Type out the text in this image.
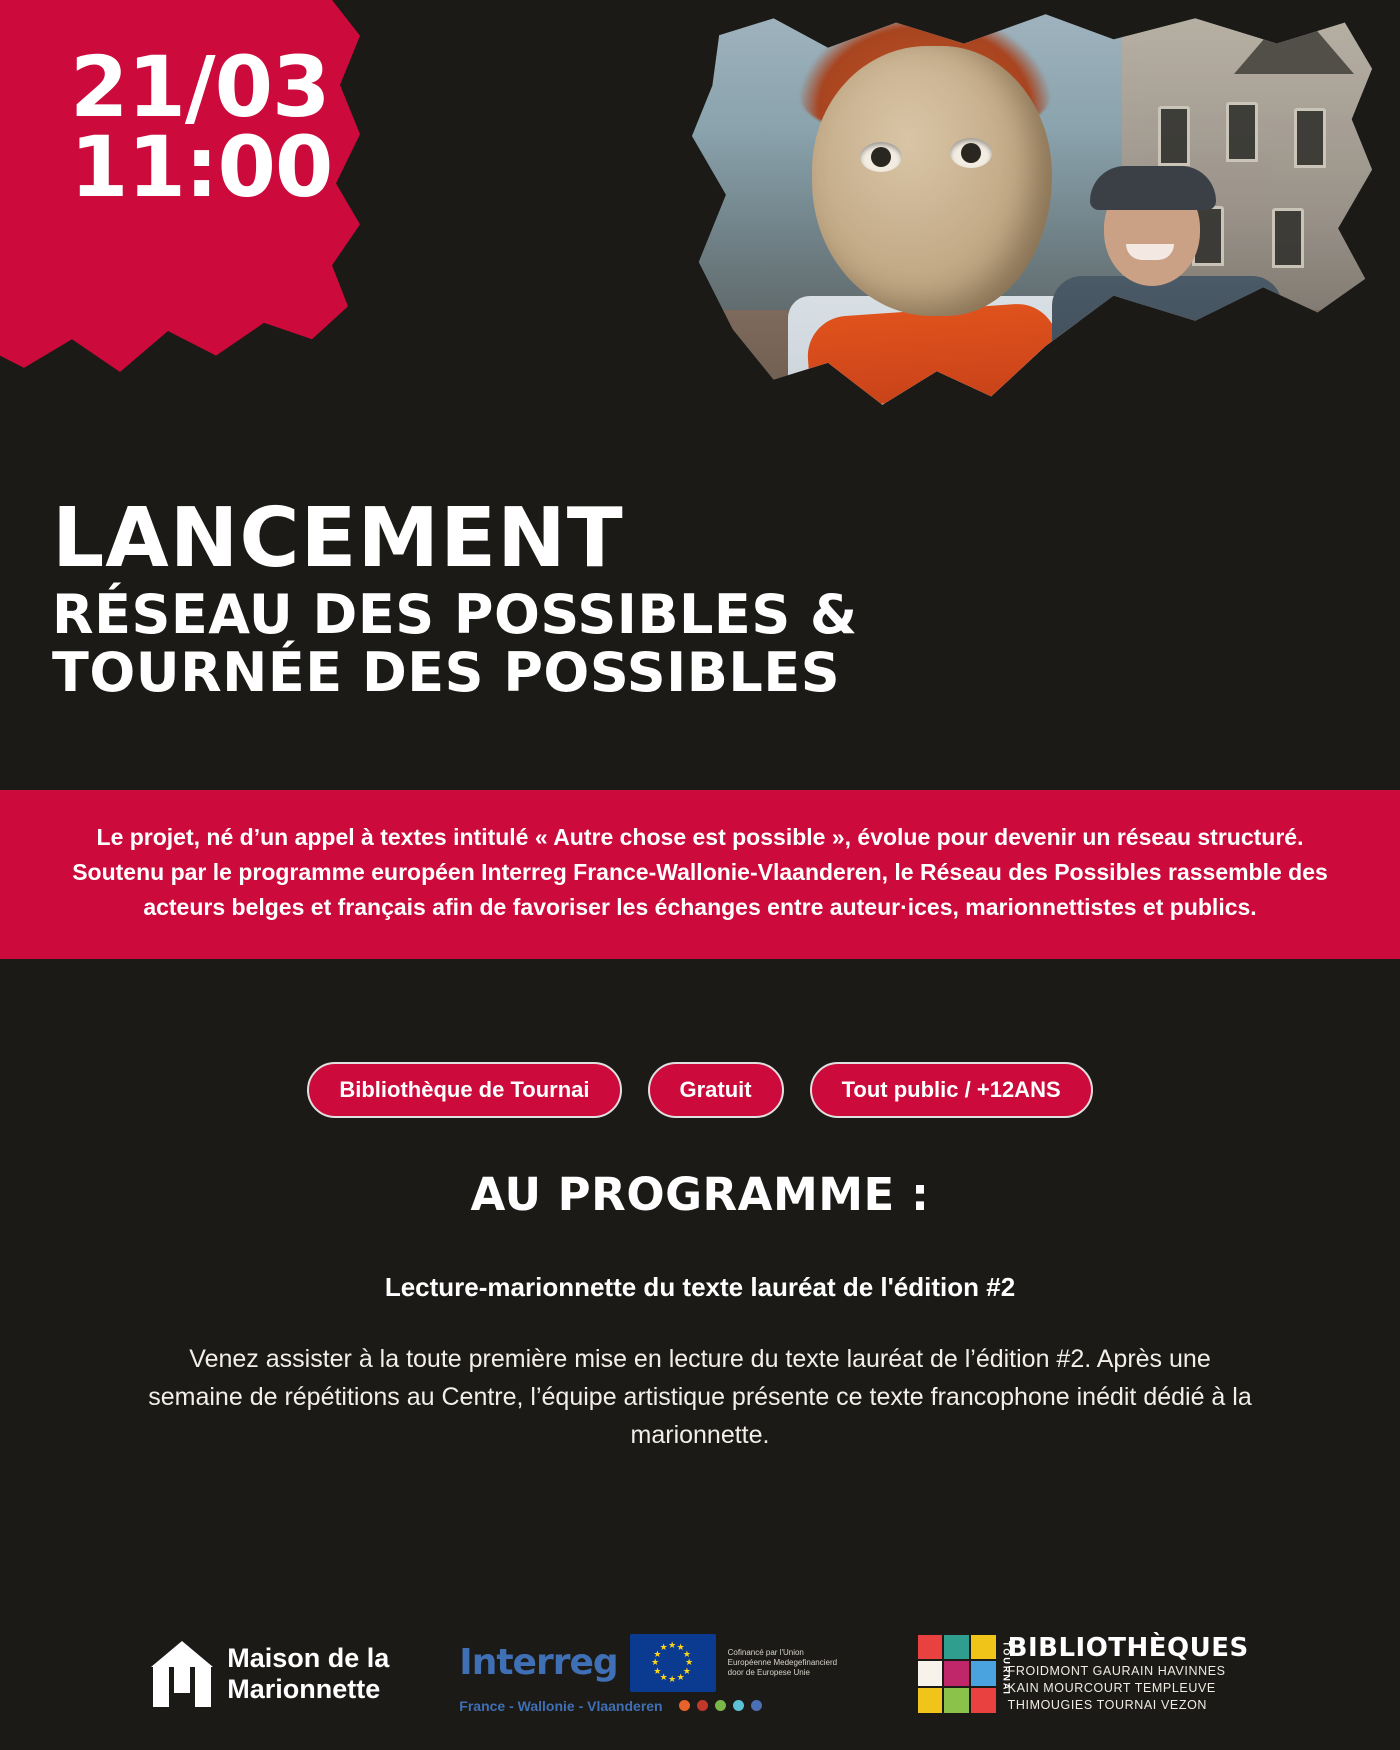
21/03
11:00
LANCEMENT
RÉSEAU DES POSSIBLES &
TOURNÉE DES POSSIBLES

Le projet, né d’un appel à textes intitulé « Autre chose est possible », évolue pour devenir un réseau structuré. Soutenu par le programme européen Interreg France-Wallonie-Vlaanderen, le Réseau des Possibles rassemble des acteurs belges et français afin de favoriser les échanges entre auteur·ices, marionnettistes et publics.

Bibliothèque de Tournai	Gratuit	Tout public / +12ANS
AU PROGRAMME :
Lecture-marionnette du texte lauréat de l'édition #2
Venez assister à la toute première mise en lecture du texte lauréat de l’édition #2. Après une semaine de répétitions au Centre, l’équipe artistique présente ce texte francophone inédit dédié à la marionnette.
Maison de la
Marionnette
Interreg	★ ★
★
★
★
★
★
★
★
★
★
★	Cofinancé par l'Union Européenne Medegefinancierd door de Europese Unie
France - Wallonie - Vlaanderen
TOURNAI
BIBLIOTHÈQUES
FROIDMONT GAURAIN HAVINNES
KAIN MOURCOURT TEMPLEUVE
THIMOUGIES TOURNAI VEZON
